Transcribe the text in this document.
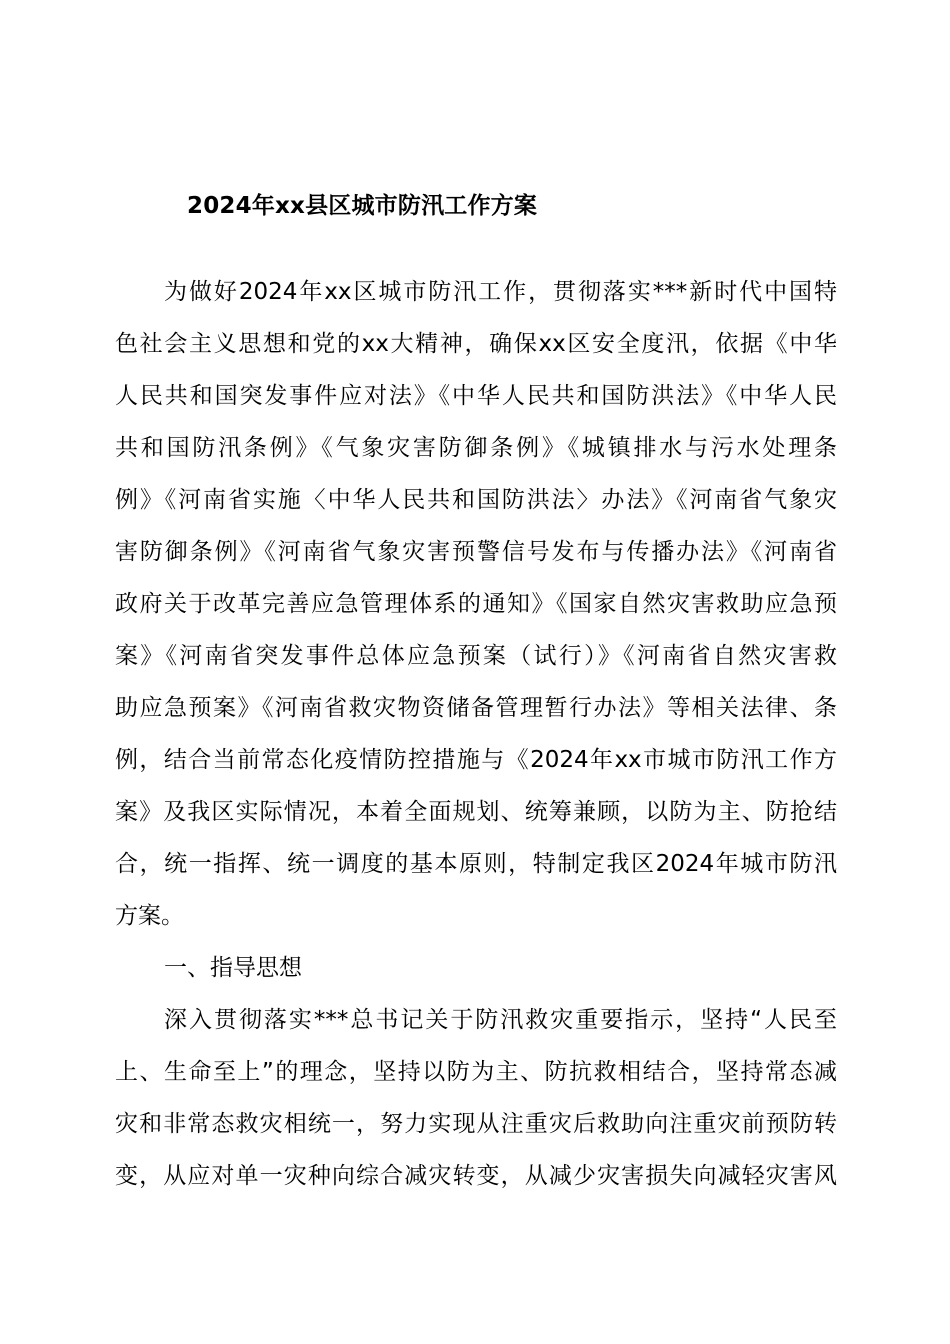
2024年xx县区城市防汛工作方案
为做好2024年xx区城市防汛工作，贯彻落实***新时代中国特
色社会主义思想和党的xx大精神，确保xx区安全度汛，依据《中华
人民共和国突发事件应对法》《中华人民共和国防洪法》《中华人民
共和国防汛条例》《气象灾害防御条例》《城镇排水与污水处理条
例》《河南省实施〈中华人民共和国防洪法〉办法》《河南省气象灾
害防御条例》《河南省气象灾害预警信号发布与传播办法》《河南省
政府关于改革完善应急管理体系的通知》《国家自然灾害救助应急预
案》《河南省突发事件总体应急预案（试行）》《河南省自然灾害救
助应急预案》《河南省救灾物资储备管理暂行办法》等相关法律、条
例，结合当前常态化疫情防控措施与《2024年xx市城市防汛工作方
案》及我区实际情况，本着全面规划、统筹兼顾，以防为主、防抢结
合，统一指挥、统一调度的基本原则，特制定我区2024年城市防汛
方案。
一、指导思想
深入贯彻落实***总书记关于防汛救灾重要指示，坚持“人民至
上、生命至上”的理念，坚持以防为主、防抗救相结合，坚持常态减
灾和非常态救灾相统一，努力实现从注重灾后救助向注重灾前预防转
变，从应对单一灾种向综合减灾转变，从减少灾害损失向减轻灾害风
